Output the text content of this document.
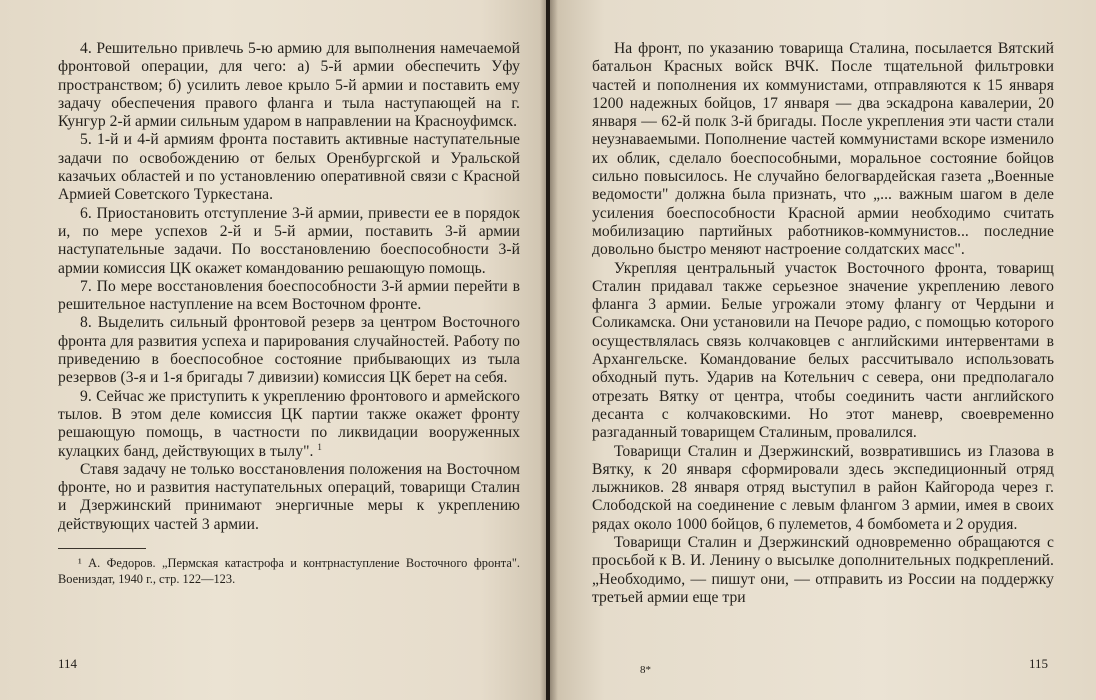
4. Решительно привлечь 5-ю армию для выполнения намечаемой фронтовой операции, для чего: а) 5-й армии обеспечить Уфу пространством; б) усилить левое крыло 5-й армии и поставить ему задачу обеспечения правого фланга и тыла наступающей на г. Кунгур 2-й армии сильным ударом в направлении на Красноуфимск.

5. 1-й и 4-й армиям фронта поставить активные наступательные задачи по освобождению от белых Оренбургской и Уральской казачьих областей и по установлению оперативной связи с Красной Армией Советского Туркестана.

6. Приостановить отступление 3-й армии, привести ее в порядок и, по мере успехов 2-й и 5-й армии, поставить 3-й армии наступательные задачи. По восстановлению боеспособности 3-й армии комиссия ЦК окажет командованию решающую помощь.

7. По мере восстановления боеспособности 3-й армии перейти в решительное наступление на всем Восточном фронте.

8. Выделить сильный фронтовой резерв за центром Восточного фронта для развития успеха и парирования случайностей. Работу по приведению в боеспособное состояние прибывающих из тыла резервов (3-я и 1-я бригады 7 дивизии) комиссия ЦК берет на себя.

9. Сейчас же приступить к укреплению фронтового и армейского тылов. В этом деле комиссия ЦК партии также окажет фронту решающую помощь, в частности по ликвидации вооруженных кулацких банд, действующих в тылу". $^1$

Ставя задачу не только восстановления положения на Восточном фронте, но и развития наступательных операций, товарищи Сталин и Дзержинский принимают энергичные меры к укреплению действующих частей 3 армии.

¹ А. Федоров. „Пермская катастрофа и контрнаступление Восточного фронта". Воениздат, 1940 г., стр. 122—123.
114

На фронт, по указанию товарища Сталина, посылается Вятский батальон Красных войск ВЧК. После тщательной фильтровки частей и пополнения их коммунистами, отправляются к 15 января 1200 надежных бойцов, 17 января — два эскадрона кавалерии, 20 января — 62-й полк 3-й бригады. После укрепления эти части стали неузнаваемыми. Пополнение частей коммунистами вскоре изменило их облик, сделало боеспособными, моральное состояние бойцов сильно повысилось. Не случайно белогвардейская газета „Военные ведомости" должна была признать, что „... важным шагом в деле усиления боеспособности Красной армии необходимо считать мобилизацию партийных работников-коммунистов... последние довольно быстро меняют настроение солдатских масс".

Укрепляя центральный участок Восточного фронта, товарищ Сталин придавал также серьезное значение укреплению левого фланга 3 армии. Белые угрожали этому флангу от Чердыни и Соликамска. Они установили на Печоре радио, с помощью которого осуществлялась связь колчаковцев с английскими интервентами в Архангельске. Командование белых рассчитывало использовать обходный путь. Ударив на Котельнич с севера, они предполагало отрезать Вятку от центра, чтобы соединить части английского десанта с колчаковскими. Но этот маневр, своевременно разгаданный товарищем Сталиным, провалился.

Товарищи Сталин и Дзержинский, возвратившись из Глазова в Вятку, к 20 января сформировали здесь экспедиционный отряд лыжников. 28 января отряд выступил в район Кайгорода через г. Слободской на соединение с левым флангом 3 армии, имея в своих рядах около 1000 бойцов, 6 пулеметов, 4 бомбомета и 2 орудия.

Товарищи Сталин и Дзержинский одновременно обращаются с просьбой к В. И. Ленину о высылке дополнительных подкреплений. „Необходимо, — пишут они, — отправить из России на поддержку третьей армии еще три

8*	115
